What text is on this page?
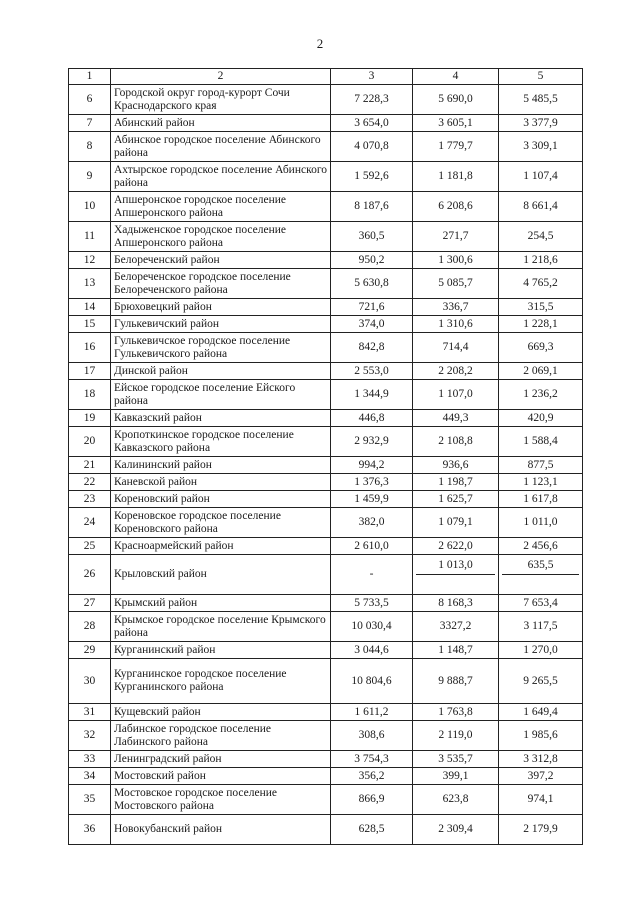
2
1	2	3	4	5
6	Городской округ город-курорт Сочи Краснодарского края	7 228,3	5 690,0	5 485,5
7	Абинский район	3 654,0	3 605,1	3 377,9
8	Абинское городское поселение Абинского района	4 070,8	1 779,7	3 309,1
9	Ахтырское городское поселение Абинского района	1 592,6	1 181,8	1 107,4
10	Апшеронское городское поселение Апшеронского района	8 187,6	6 208,6	8 661,4
11	Хадыженское городское поселение Апшеронского района	360,5	271,7	254,5
12	Белореченский район	950,2	1 300,6	1 218,6
13	Белореченское городское поселение Белореченского района	5 630,8	5 085,7	4 765,2
14	Брюховецкий район	721,6	336,7	315,5
15	Гулькевичский район	374,0	1 310,6	1 228,1
16	Гулькевичское городское поселение Гулькевичского района	842,8	714,4	669,3
17	Динской район	2 553,0	2 208,2	2 069,1
18	Ейское городское поселение Ейского района	1 344,9	1 107,0	1 236,2
19	Кавказский район	446,8	449,3	420,9
20	Кропоткинское городское поселение Кавказского района	2 932,9	2 108,8	1 588,4
21	Калининский район	994,2	936,6	877,5
22	Каневской район	1 376,3	1 198,7	1 123,1
23	Кореновский район	1 459,9	1 625,7	1 617,8
24	Кореновское городское поселение Кореновского района	382,0	1 079,1	1 011,0
25	Красноармейский район	2 610,0	2 622,0	2 456,6
26	Крыловский район	-	1 013,0	635,5

27	Крымский район	5 733,5	8 168,3	7 653,4
28	Крымское городское поселение Крымского района	10 030,4	3327,2	3 117,5
29	Курганинский район	3 044,6	1 148,7	1 270,0
30	Курганинское городское поселение Курганинского района	10 804,6	9 888,7	9 265,5
31	Кущевский район	1 611,2	1 763,8	1 649,4
32	Лабинское городское поселение Лабинского района	308,6	2 119,0	1 985,6
33	Ленинградский район	3 754,3	3 535,7	3 312,8
34	Мостовский район	356,2	399,1	397,2
35	Мостовское городское поселение Мостовского района	866,9	623,8	974,1
36	Новокубанский район	628,5	2 309,4	2 179,9
